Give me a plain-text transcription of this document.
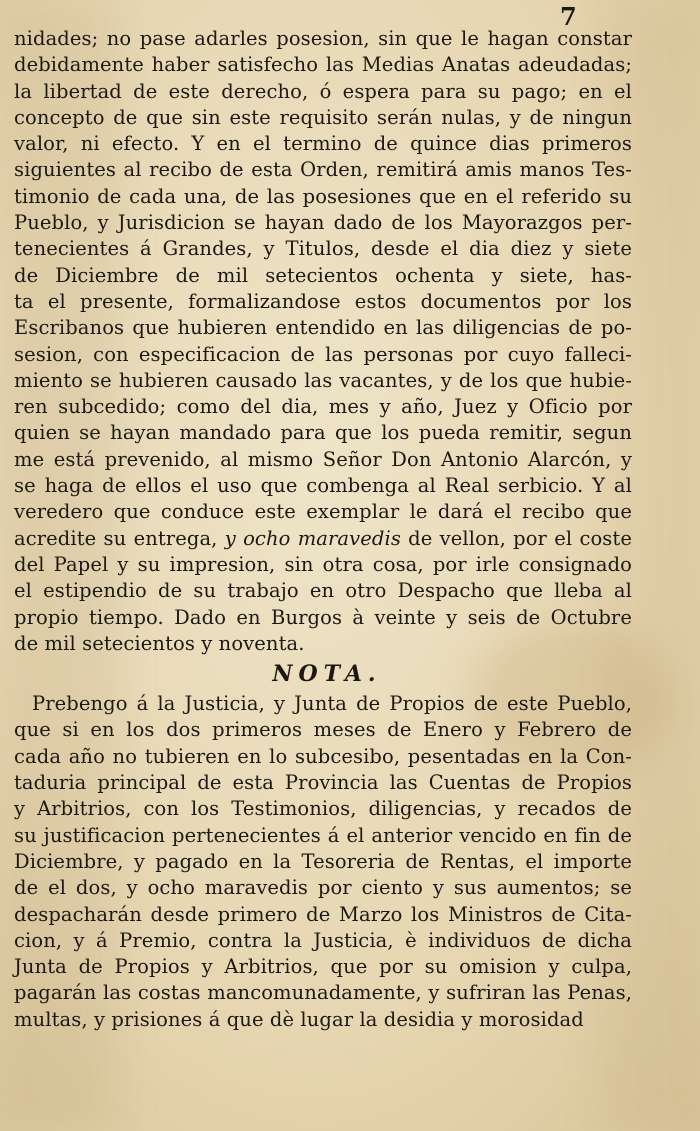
7
nidades; no pase adarles posesion, sin que le hagan constar
debidamente haber satisfecho las Medias Anatas adeudadas;
la libertad de este derecho, ó espera para su pago; en el
concepto de que sin este requisito serán nulas, y de ningun
valor, ni efecto. Y en el termino de quince dias primeros
siguientes al recibo de esta Orden, remitirá amis manos Tes-
timonio de cada una, de las posesiones que en el referido su
Pueblo, y Jurisdicion se hayan dado de los Mayorazgos per-
tenecientes á Grandes, y Titulos, desde el dia diez y siete
de Diciembre de mil setecientos ochenta y siete, has-
ta el presente, formalizandose estos documentos por los
Escribanos que hubieren entendido en las diligencias de po-
sesion, con especificacion de las personas por cuyo falleci-
miento se hubieren causado las vacantes, y de los que hubie-
ren subcedido; como del dia, mes y año, Juez y Oficio por
quien se hayan mandado para que los pueda remitir, segun
me está prevenido, al mismo Señor Don Antonio Alarcón, y
se haga de ellos el uso que combenga al Real serbicio. Y al
veredero que conduce este exemplar le dará el recibo que
acredite su entrega, y ocho maravedis de vellon, por el coste
del Papel y su impresion, sin otra cosa, por irle consignado
el estipendio de su trabajo en otro Despacho que lleba al
propio tiempo. Dado en Burgos à veinte y seis de Octubre
de mil setecientos y noventa.
NOTA.
Prebengo á la Justicia, y Junta de Propios de este Pueblo,
que si en los dos primeros meses de Enero y Febrero de
cada año no tubieren en lo subcesibo, pesentadas en la Con-
taduria principal de esta Provincia las Cuentas de Propios
y Arbitrios, con los Testimonios, diligencias, y recados de
su justificacion pertenecientes á el anterior vencido en fin de
Diciembre, y pagado en la Tesoreria de Rentas, el importe
de el dos, y ocho maravedis por ciento y sus aumentos; se
despacharán desde primero de Marzo los Ministros de Cita-
cion, y á Premio, contra la Justicia, è individuos de dicha
Junta de Propios y Arbitrios, que por su omision y culpa,
pagarán las costas mancomunadamente, y sufriran las Penas,
multas, y prisiones á que dè lugar la desidia y morosidad
